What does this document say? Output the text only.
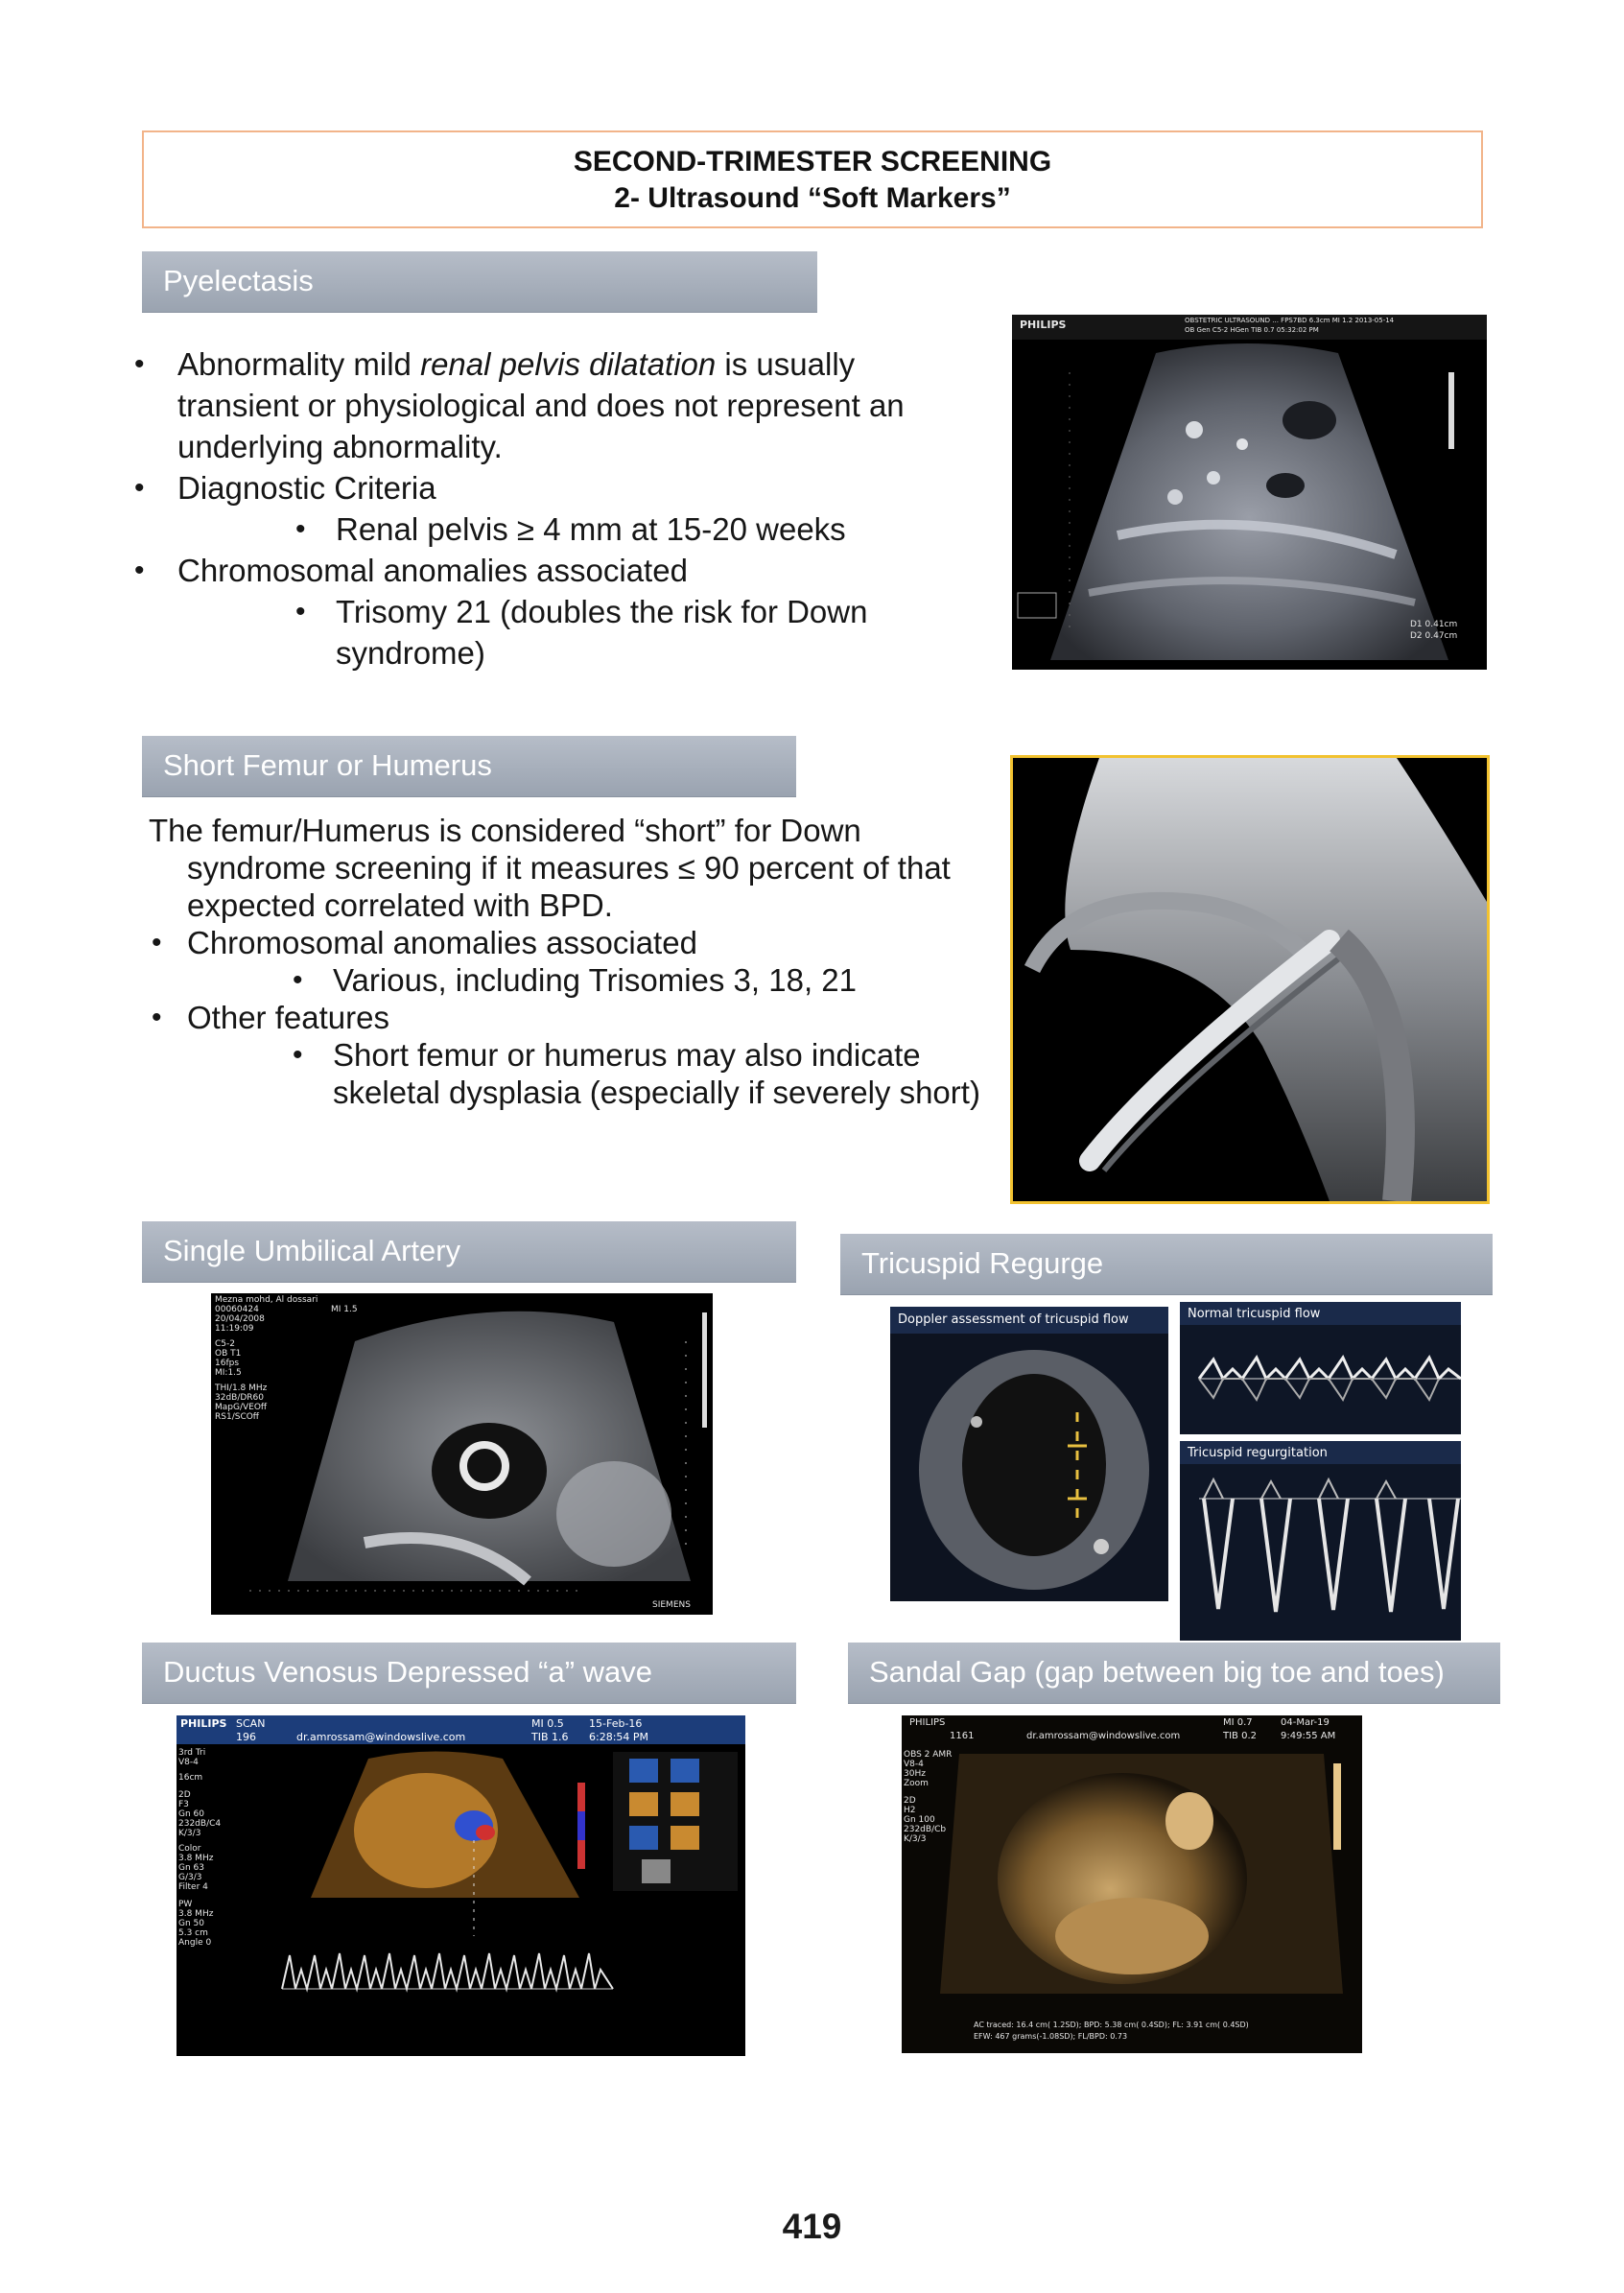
SECOND-TRIMESTER SCREENING
2- Ultrasound “Soft Markers”
Pyelectasis
• Abnormality mild renal pelvis dilatation is usually
transient or physiological and does not represent an
underlying abnormality.
• Diagnostic Criteria
• Renal pelvis ≥ 4 mm at 15-20 weeks
• Chromosomal anomalies associated
• Trisomy 21 (doubles the risk for Down
syndrome)
PHILIPS	OBSTETRIC ULTRASOUND ... FPS7BD 6.3cm MI 1.2 2013-05-14
OB Gen C5-2 HGen TIB 0.7 05:32:02 PM
D1 0.41cm
D2 0.47cm
Short Femur or Humerus
The femur/Humerus is considered “short” for Down
syndrome screening if it measures ≤ 90 percent of that
expected correlated with BPD.
• Chromosomal anomalies associated
• Various, including Trisomies 3, 18, 21
• Other features
• Short femur or humerus may also indicate
skeletal dysplasia (especially if severely short)
Single Umbilical Artery
Mezna mohd, Al dossari
00060424
20/04/2008
11:19:09
C5-2
OB T1
16fps
MI:1.5
THI/1.8 MHz
32dB/DR60
MapG/VEOff
RS1/SCOff
MI 1.5
SIEMENS
Tricuspid Regurge
Doppler assessment of tricuspid flow	Normal tricuspid flow
Tricuspid regurgitation
Ductus Venosus Depressed “a” wave
PHILIPS SCAN
196	dr.amrossam@windowslive.com
MI 0.5
TIB 1.6
15-Feb-16
6:28:54 PM
3rd Tri
V8-4
16cm
2D
F3
Gn 60
232dB/C4
K/3/3
Color
3.8 MHz
Gn 63
G/3/3
Filter 4
PW
3.8 MHz
Gn 50
5.3 cm
Angle 0
Sandal Gap (gap between big toe and toes)
PHILIPS
1161	dr.amrossam@windowslive.com
MI 0.7
TIB 0.2
04-Mar-19
9:49:55 AM
OBS 2 AMR
V8-4
30Hz
Zoom
2D
H2
Gn 100
232dB/Cb
K/3/3
AC traced: 16.4 cm( 1.2SD); BPD: 5.38 cm( 0.4SD); FL: 3.91 cm( 0.4SD)
EFW: 467 grams(-1.08SD); FL/BPD: 0.73
419
